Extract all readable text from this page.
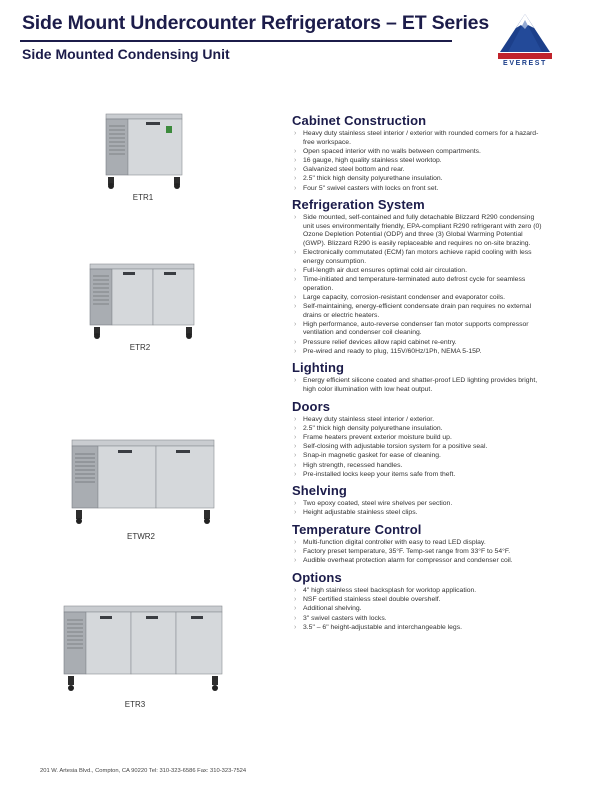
Side Mount Undercounter Refrigerators – ET Series
Side Mounted Condensing Unit
EVEREST
ETR1
ETR2
ETWR2
ETR3
Cabinet Construction
› Heavy duty stainless steel interior / exterior with rounded corners for a hazard-free workspace.
› Open spaced interior with no walls between compartments.
› 16 gauge, high quality stainless steel worktop.
› Galvanized steel bottom and rear.
› 2.5" thick high density polyurethane insulation.
› Four 5" swivel casters with locks on front set.
Refrigeration System
› Side mounted, self-contained and fully detachable Blizzard R290 condensing unit uses environmentally friendly, EPA-compliant R290 refrigerant with zero (0) Ozone Depletion Potential (ODP) and three (3) Global Warming Potential (GWP). Blizzard R290 is easily replaceable and requires no on-site brazing.
› Electronically commutated (ECM) fan motors achieve rapid cooling with less energy consumption.
› Full-length air duct ensures optimal cold air circulation.
› Time-initiated and temperature-terminated auto defrost cycle for seamless operation.
› Large capacity, corrosion-resistant condenser and evaporator coils.
› Self-maintaining, energy-efficient condensate drain pan requires no external drains or electric heaters.
› High performance, auto-reverse condenser fan motor supports compressor ventilation and condenser coil cleaning.
› Pressure relief devices allow rapid cabinet re-entry.
› Pre-wired and ready to plug, 115V/60Hz/1Ph, NEMA 5-15P.
Lighting
› Energy efficient silicone coated and shatter-proof LED lighting provides bright, high color illumination with low heat output.
Doors
› Heavy duty stainless steel interior / exterior.
› 2.5" thick high density polyurethane insulation.
› Frame heaters prevent exterior moisture build up.
› Self-closing with adjustable torsion system for a positive seal.
› Snap-in magnetic gasket for ease of cleaning.
› High strength, recessed handles.
› Pre-installed locks keep your items safe from theft.
Shelving
› Two epoxy coated, steel wire shelves per section.
› Height adjustable stainless steel clips.
Temperature Control
› Multi-function digital controller with easy to read LED display.
› Factory preset temperature, 35°F. Temp-set range from 33°F to 54°F.
› Audible overheat protection alarm for compressor and condenser coil.
Options
› 4" high stainless steel backsplash for worktop application.
› NSF certified stainless steel double overshelf.
› Additional shelving.
› 3" swivel casters with locks.
› 3.5" – 6" height-adjustable and interchangeable legs.
201 W. Artesia Blvd., Compton, CA 90220 Tel: 310-323-6586 Fax: 310-323-7524
